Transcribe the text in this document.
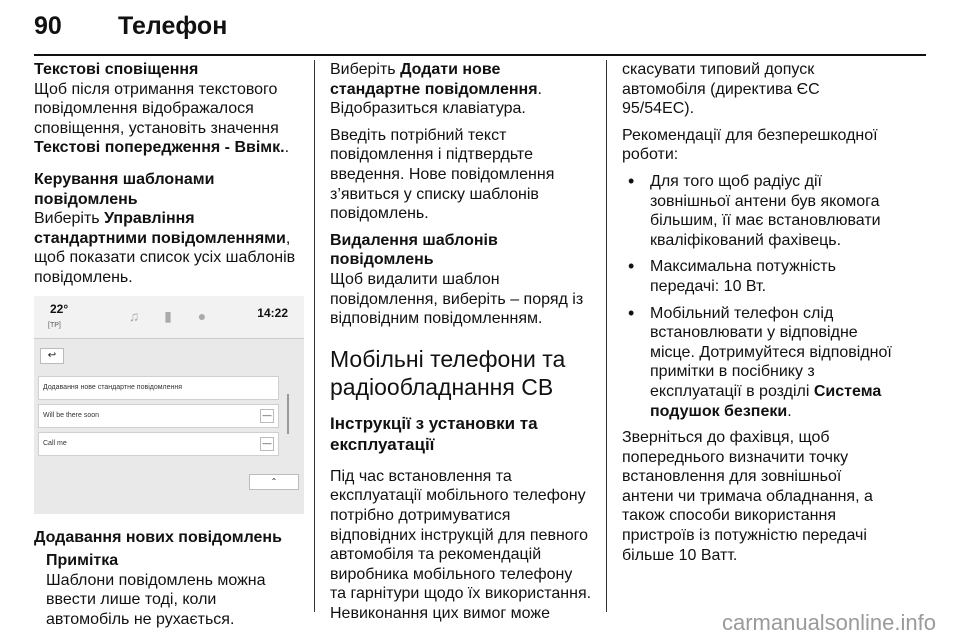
90 Телефон
Текстові сповіщення

Щоб після отримання текстового повідомлення відображалося сповіщення, установіть значення Текстові попередження - Ввімк..

Керування шаблонами повідомлень

Виберіть Управління стандартними повідомленнями, щоб показати список усіх шаблонів повідомлень.

22°
[TP]
♫ ▮ ●	14:22
↩
Додавання нове стандартне повідомлення
Will be there soon	—
Call me	—
⌃
Додавання нових повідомлень
Примітка

Шаблони повідомлень можна ввести лише тоді, коли автомобіль не рухається.

Виберіть Додати нове стандартне повідомлення. Відобразиться клавіатура.

Введіть потрібний текст повідомлення і підтвердьте введення. Нове повідомлення з’явиться у списку шаблонів повідомлень.

Видалення шаблонів повідомлень

Щоб видалити шаблон повідомлення, виберіть – поряд із відповідним повідомленням.

Мобільні телефони та радіообладнання CB
Інструкції з установки та експлуатації

Під час встановлення та експлуатації мобільного телефону потрібно дотримуватися відповідних інструкцій для певного автомобіля та рекомендацій виробника мобільного телефону та гарнітури щодо їх використання. Невиконання цих вимог може

скасувати типовий допуск автомобіля (директива ЄС 95/54EC).

Рекомендації для безперешкодної роботи:

• Для того щоб радіус дії зовнішньої антени був якомога більшим, її має встановлювати кваліфікований фахівець.
• Максимальна потужність передачі: 10 Вт.
• Мобільний телефон слід встановлювати у відповідне місце. Дотримуйтеся відповідної примітки в посібнику з експлуатації в розділі Система подушок безпеки.

Зверніться до фахівця, щоб попереднього визначити точку встановлення для зовнішньої антени чи тримача обладнання, а також способи використання пристроїв із потужністю передачі більше 10 Ватт.

carmanualsonline.info
